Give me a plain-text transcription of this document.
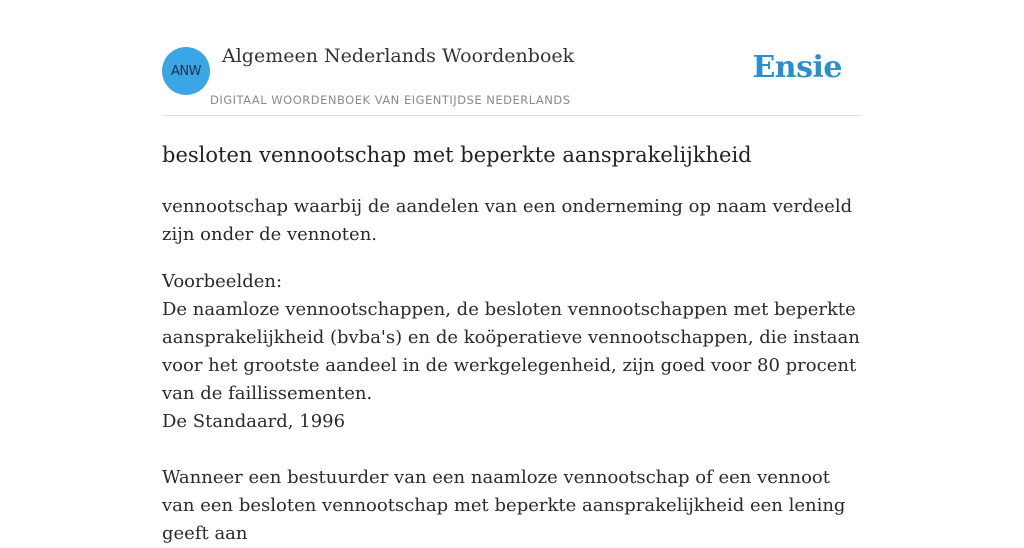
ANW
Algemeen Nederlands Woordenboek
DIGITAAL WOORDENBOEK VAN EIGENTIJDSE NEDERLANDS
Ensie
besloten vennootschap met beperkte aansprakelijkheid
vennootschap waarbij de aandelen van een onderneming op naam verdeeld zijn onder de vennoten.

Voorbeelden:

De naamloze vennootschappen, de besloten vennootschappen met beperkte aansprakelijkheid (bvba's) en de koöperatieve vennootschappen, die instaan voor het grootste aandeel in de werkgelegenheid, zijn goed voor 80 procent van de faillissementen.

De Standaard, 1996

Wanneer een bestuurder van een naamloze vennootschap of een vennoot van een besloten vennootschap met beperkte aansprakelijkheid een lening geeft aan
